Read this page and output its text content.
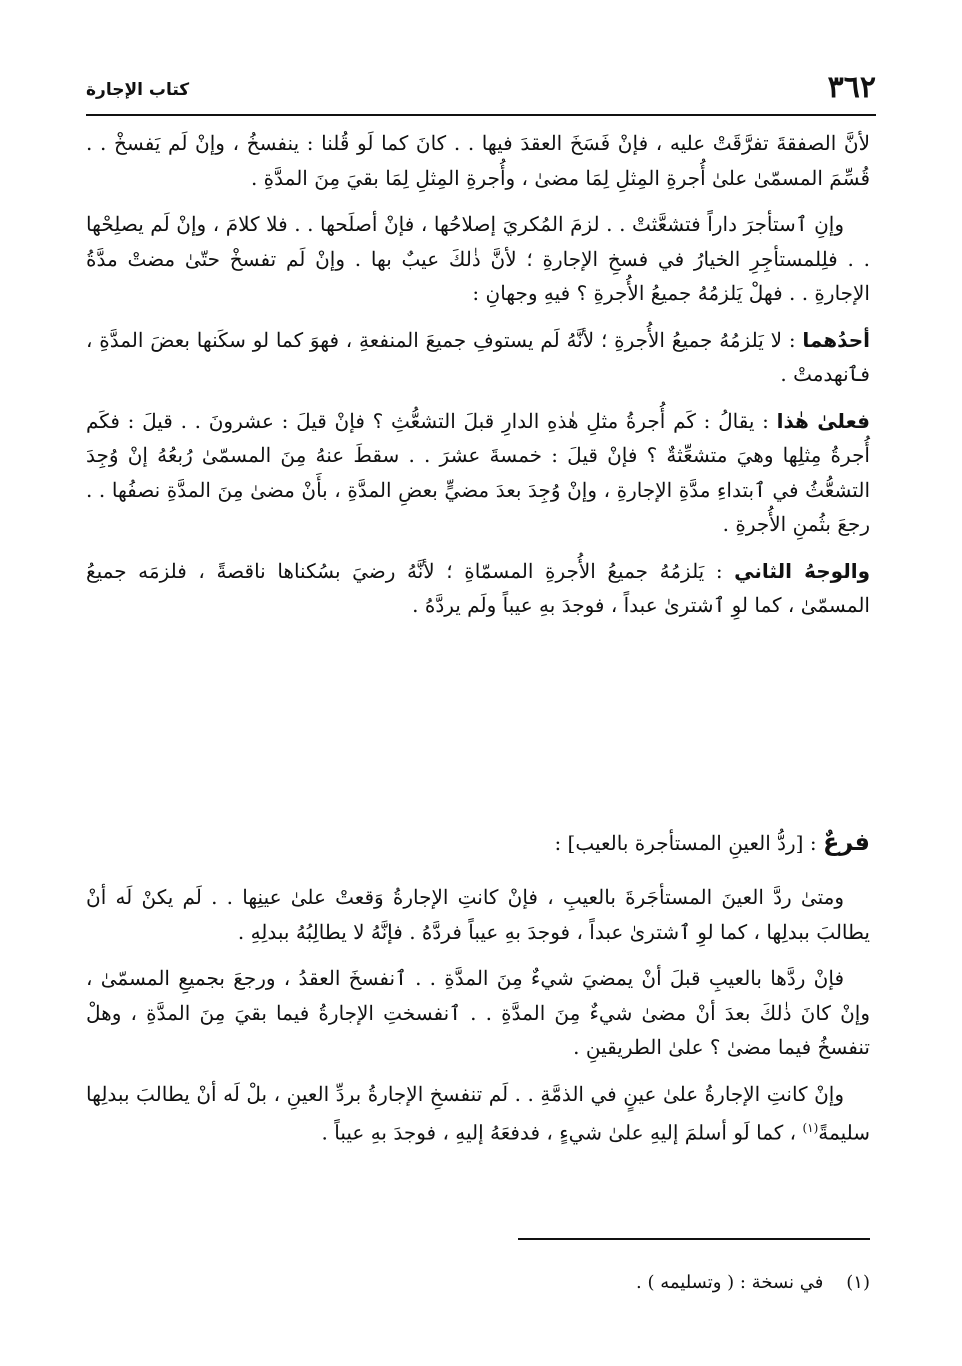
٣٦٢
كتاب الإجارة

لأنَّ الصفقةَ تفرَّقَتْ عليه ، فإنْ فَسَخَ العقدَ فيها . . كانَ كما لَو قُلنا : ينفسخُ ، وإنْ لَم يَفسخْ . . قُسِّمَ المسمّىٰ علىٰ أُجرةِ المِثلِ لِمَا مضىٰ ، وأُجرةِ المِثلِ لِمَا بقيَ مِنَ المدَّةِ .

وإنِ ٱستأجرَ داراً فتشعَّثتْ . . لزمَ المُكريَ إصلاحُها ، فإنْ أصلَحها . . فلا كلامَ ، وإنْ لَم يصلِحْها . . فلِلمستأجِرِ الخيارُ في فسخِ الإجارةِ ؛ لأنَّ ذٰلكَ عيبٌ بها . وإنْ لَم تفسخْ حتّىٰ مضتْ مدَّةُ الإجارةِ . . فهلْ يَلزمُهُ جميعُ الأُجرةِ ؟ فيهِ وجهانِ :

أحدُهما : لا يَلزمُهُ جميعُ الأُجرةِ ؛ لأنَّهُ لَم يستوفِ جميعَ المنفعةِ ، فهوَ كما لو سكَنها بعضَ المدَّةِ ، فٱنهدمتْ .

فعلىٰ هٰذا : يقالُ : كَم أُجرةُ مثلِ هٰذهِ الدارِ قبلَ التشعُّثِ ؟ فإنْ قيلَ : عشرونَ . . قيلَ : فكَم أُجرةُ مِثلِها وهيَ متشعِّثةٌ ؟ فإنْ قيلَ : خمسةَ عشرَ . . سقطَ عنهُ مِنَ المسمّىٰ رُبعُهُ إنْ وُجِدَ التشعُّثُ في ٱبتداءِ مدَّةِ الإجارةِ ، وإنْ وُجِدَ بعدَ مضيٍّ بعضِ المدَّةِ ، بأَنْ مضىٰ مِنَ المدَّةِ نصفُها . . رجعَ بثُمنِ الأُجرةِ .

والوجهُ الثاني : يَلزمُهُ جميعُ الأُجرةِ المسمّاةِ ؛ لأنَّهُ رضيَ بسُكناها ناقصةً ، فلزمَه جميعُ المسمّىٰ ، كما لوِ ٱشترىٰ عبداً ، فوجدَ بهِ عيباً ولَم يردَّهُ .

فرعٌ : [ردُّ العينِ المستأجرة بالعيب] :

ومتىٰ ردَّ العينَ المستأجَرةَ بالعيبِ ، فإنْ كانتِ الإجارةُ وَقعتْ علىٰ عينِها . . لَم يكنْ لَه أنْ يطالبَ ببدلِها ، كما لوِ ٱشترىٰ عبداً ، فوجدَ بهِ عيباً فردَّهُ . فإنَّهُ لا يطالِبُهُ ببدلِهِ .

فإنْ ردَّها بالعيبِ قبلَ أنْ يمضيَ شيءٌ مِنَ المدَّةِ . . ٱنفسخَ العقدُ ، ورجعَ بجميعِ المسمّىٰ ، وإنْ كانَ ذٰلكَ بعدَ أنْ مضىٰ شيءٌ مِنَ المدَّةِ . . ٱنفسختِ الإجارةُ فيما بقيَ مِنَ المدَّةِ ، وهلْ تنفسخُ فيما مضىٰ ؟ علىٰ الطريقينِ .

وإنْ كانتِ الإجارةُ علىٰ عينٍ في الذمَّةِ . . لَم تنفسخِ الإجارةُ بردِّ العينِ ، بلْ لَه أنْ يطالبَ ببدلِها سليمةً$^{(١)}$ ، كما لَو أسلمَ إليهِ علىٰ شيءٍ ، فدفعَهُ إليهِ ، فوجدَ بهِ عيباً .

(١)    في نسخة : ( وتسليمه ) .
